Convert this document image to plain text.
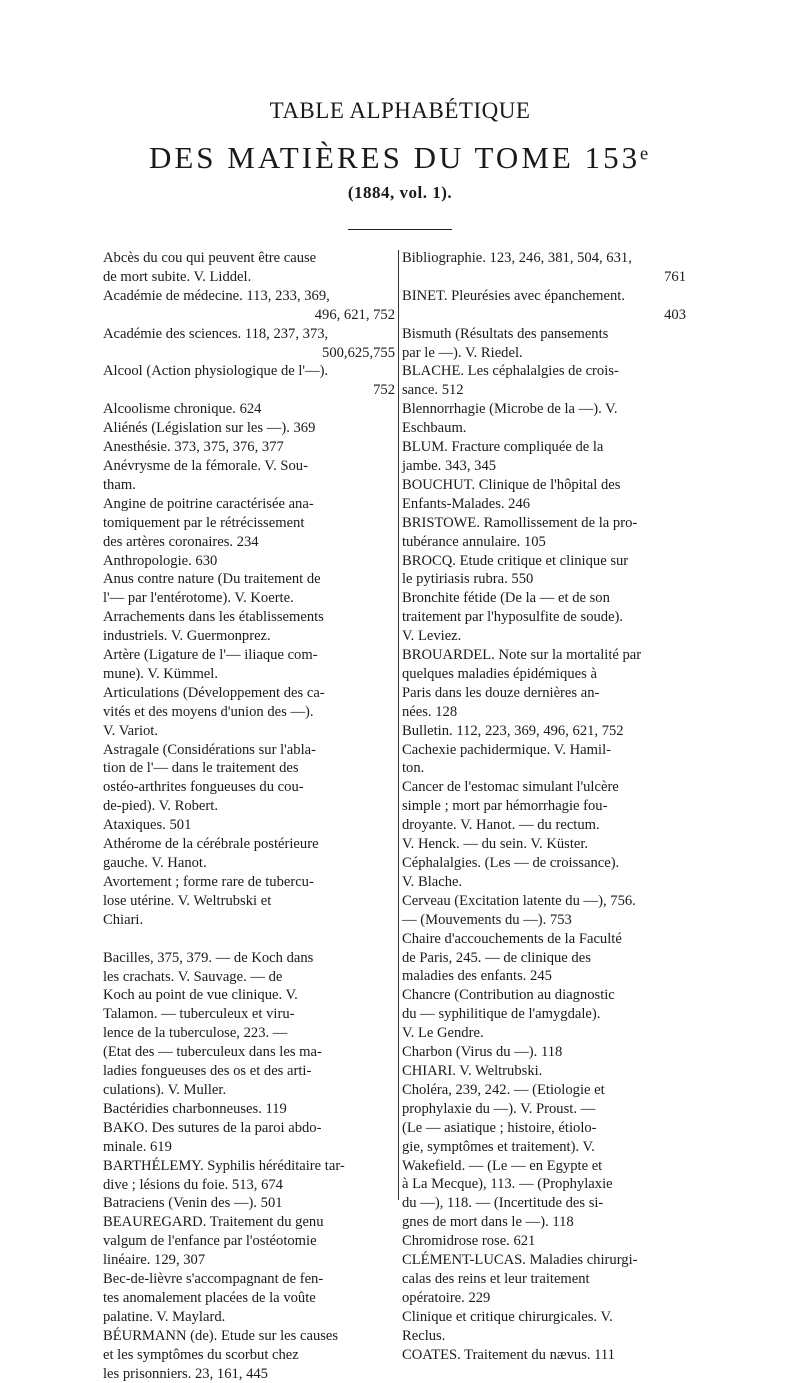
TABLE ALPHABÉTIQUE
DES MATIÈRES DU TOME 153ᵉ
(1884, vol. 1).
Abcès du cou qui peuvent être cause
de mort subite. V. Liddel.
Académie de médecine. 113, 233, 369,
496, 621, 752
Académie des sciences. 118, 237, 373,
500,625,755
Alcool (Action physiologique de l'—).
752
Alcoolisme chronique. 624
Aliénés (Législation sur les —). 369
Anesthésie. 373, 375, 376, 377
Anévrysme de la fémorale. V. Sou-
tham.
Angine de poitrine caractérisée ana-
tomiquement par le rétrécissement
des artères coronaires. 234
Anthropologie. 630
Anus contre nature (Du traitement de
l'— par l'entérotome). V. Koerte.
Arrachements dans les établissements
industriels. V. Guermonprez.
Artère (Ligature de l'— iliaque com-
mune). V. Kümmel.
Articulations (Développement des ca-
vités et des moyens d'union des —).
V. Variot.
Astragale (Considérations sur l'abla-
tion de l'— dans le traitement des
ostéo-arthrites fongueuses du cou-
de-pied). V. Robert.
Ataxiques. 501
Athérome de la cérébrale postérieure
gauche. V. Hanot.
Avortement ; forme rare de tubercu-
lose utérine. V. Weltrubski et
Chiari.
Bacilles, 375, 379. — de Koch dans
les crachats. V. Sauvage. — de
Koch au point de vue clinique. V.
Talamon. — tuberculeux et viru-
lence de la tuberculose, 223. —
(Etat des — tuberculeux dans les ma-
ladies fongueuses des os et des arti-
culations). V. Muller.
Bactéridies charbonneuses. 119
BAKO. Des sutures de la paroi abdo-
minale. 619
BARTHÉLEMY. Syphilis héréditaire tar-
dive ; lésions du foie. 513, 674
Batraciens (Venin des —). 501
BEAUREGARD. Traitement du genu
valgum de l'enfance par l'ostéotomie
linéaire. 129, 307
Bec-de-lièvre s'accompagnant de fen-
tes anomalement placées de la voûte
palatine. V. Maylard.
BÉURMANN (de). Etude sur les causes
et les symptômes du scorbut chez
les prisonniers. 23, 161, 445
Bibliographie. 123, 246, 381, 504, 631,
761
BINET. Pleurésies avec épanchement.
403
Bismuth (Résultats des pansements
par le —). V. Riedel.
BLACHE. Les céphalalgies de crois-
sance. 512
Blennorrhagie (Microbe de la —). V.
Eschbaum.
BLUM. Fracture compliquée de la
jambe. 343, 345
BOUCHUT. Clinique de l'hôpital des
Enfants-Malades. 246
BRISTOWE. Ramollissement de la pro-
tubérance annulaire. 105
BROCQ. Etude critique et clinique sur
le pytiriasis rubra. 550
Bronchite fétide (De la — et de son
traitement par l'hyposulfite de soude).
V. Leviez.
BROUARDEL. Note sur la mortalité par
quelques maladies épidémiques à
Paris dans les douze dernières an-
nées. 128
Bulletin. 112, 223, 369, 496, 621, 752
Cachexie pachidermique. V. Hamil-
ton.
Cancer de l'estomac simulant l'ulcère
simple ; mort par hémorrhagie fou-
droyante. V. Hanot. — du rectum.
V. Henck. — du sein. V. Küster.
Céphalalgies. (Les — de croissance).
V. Blache.
Cerveau (Excitation latente du —), 756.
— (Mouvements du —). 753
Chaire d'accouchements de la Faculté
de Paris, 245. — de clinique des
maladies des enfants. 245
Chancre (Contribution au diagnostic
du — syphilitique de l'amygdale).
V. Le Gendre.
Charbon (Virus du —). 118
CHIARI. V. Weltrubski.
Choléra, 239, 242. — (Etiologie et
prophylaxie du —). V. Proust. —
(Le — asiatique ; histoire, étiolo-
gie, symptômes et traitement). V.
Wakefield. — (Le — en Egypte et
à La Mecque), 113. — (Prophylaxie
du —), 118. — (Incertitude des si-
gnes de mort dans le —). 118
Chromidrose rose. 621
CLÉMENT-LUCAS. Maladies chirurgi-
calas des reins et leur traitement
opératoire. 229
Clinique et critique chirurgicales. V.
Reclus.
COATES. Traitement du nævus. 111
